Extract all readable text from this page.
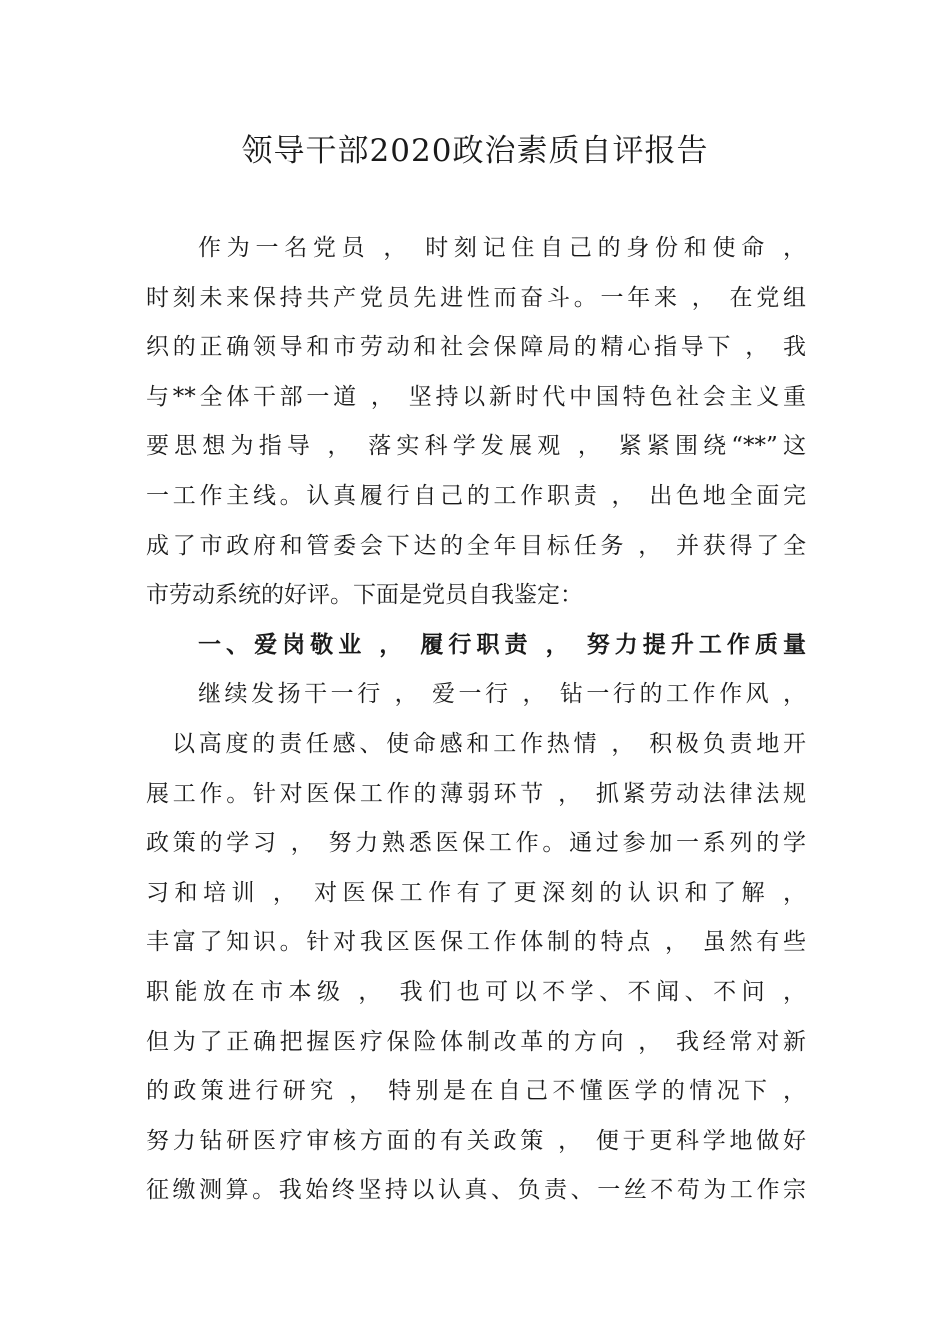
领导干部2020政治素质自评报告

作为一名党员 ， 时刻记住自己的身份和使命 ，

时刻未来保持共产党员先进性而奋斗。一年来 ， 在党组

织的正确领导和市劳动和社会保障局的精心指导下 ， 我

与**全体干部一道 ， 坚持以新时代中国特色社会主义重

要思想为指导 ， 落实科学发展观 ， 紧紧围绕“**”这

一工作主线。认真履行自己的工作职责 ， 出色地全面完

成了市政府和管委会下达的全年目标任务 ， 并获得了全

市劳动系统的好评。下面是党员自我鉴定：

一、爱岗敬业 ， 履行职责 ， 努力提升工作质量

继续发扬干一行 ， 爱一行 ， 钻一行的工作作风 ，

以高度的责任感、使命感和工作热情 ， 积极负责地开

展工作。针对医保工作的薄弱环节 ， 抓紧劳动法律法规

政策的学习 ， 努力熟悉医保工作。通过参加一系列的学

习和培训 ， 对医保工作有了更深刻的认识和了解 ，

丰富了知识。针对我区医保工作体制的特点 ， 虽然有些

职能放在市本级 ， 我们也可以不学、不闻、不问 ，

但为了正确把握医疗保险体制改革的方向 ， 我经常对新

的政策进行研究 ， 特别是在自己不懂医学的情况下 ，

努力钻研医疗审核方面的有关政策 ， 便于更科学地做好

征缴测算。我始终坚持以认真、负责、一丝不苟为工作宗
